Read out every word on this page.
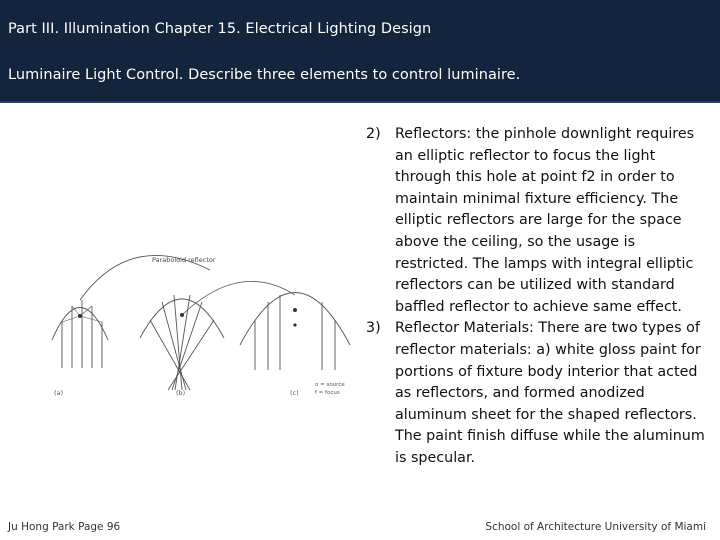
Part III. Illumination Chapter 15. Electrical Lighting Design
Luminaire Light Control. Describe three elements to control luminaire.
Paraboloid reflector
(a)	(b)	(c)
o = source
f = focus
2)	Reflectors: the pinhole downlight requires an elliptic reflector to focus the light through this hole at point f2 in order to maintain minimal fixture efficiency. The elliptic reflectors are large for the space above the ceiling, so the usage is restricted. The lamps with integral elliptic reflectors can be utilized with standard baffled reflector to achieve same effect.
3)	Reflector Materials: There are two types of reflector materials: a) white gloss paint for portions of fixture body interior that acted as reflectors, and formed anodized aluminum sheet for the shaped reflectors. The paint finish diffuse while the aluminum is specular.
Ju Hong Park Page 96	School of Architecture University of Miami
